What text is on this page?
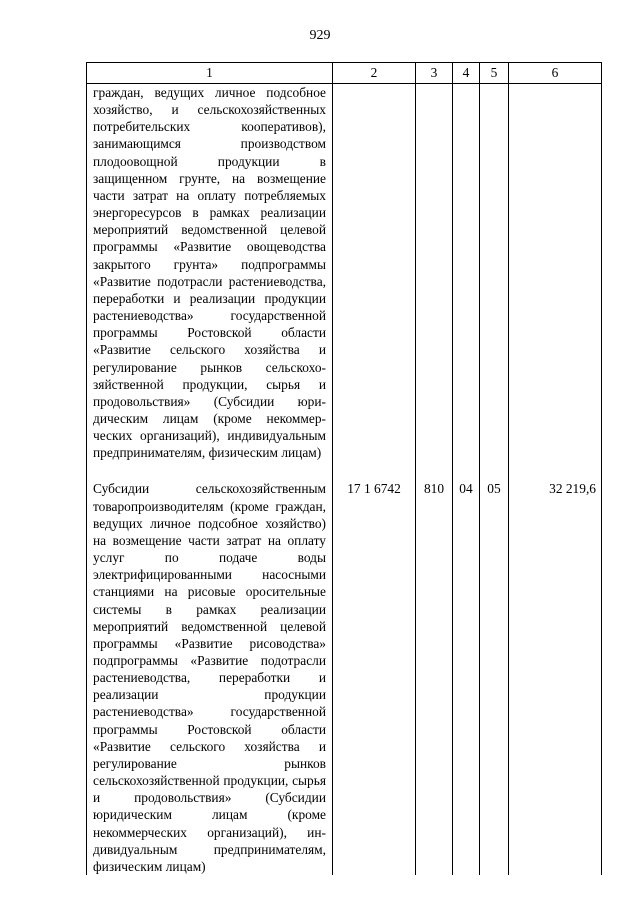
929
1	2	3	4	5	6
граждан, ведущих личное подсобное хозяйство, и сельскохозяйственных потребительских кооперативов), занимающимся производством плодоовощной продукции в защищенном грунте, на возмещение части затрат на оплату потребляемых энергоресурсов в рамках реализации мероприятий ведомственной целевой программы «Развитие овощеводства закрытого грунта» подпрограммы «Развитие подотрасли растениеводства, переработки и реализации продукции растениеводства» государственной программы Ростовской области «Развитие сельского хозяйства и регулирование рынков сельскохозяйственной продукции, сырья и продовольствия» (Субсидии юридическим лицам (кроме некоммерческих организаций), индивидуальным предпринимателям, физическим лицам)					
Субсидии сельскохозяйственным товаропроизводителям (кроме граждан, ведущих личное подсобное хозяйство) на возмещение части затрат на оплату услуг по подаче воды электрифицированными насосными станциями на рисовые оросительные системы в рамках реализации мероприятий ведомственной целевой программы «Развитие рисоводства» подпрограммы «Развитие подотрасли растениеводства, переработки и реализации продукции растениеводства» государственной программы Ростовской области «Развитие сельского хозяйства и регулирование рынков сельскохозяйственной продукции, сырья и продовольствия» (Субсидии юридическим лицам (кроме некоммерческих организаций), индивидуальным предпринимателям, физическим лицам)	17 1 6742	810	04	05	32 219,6
